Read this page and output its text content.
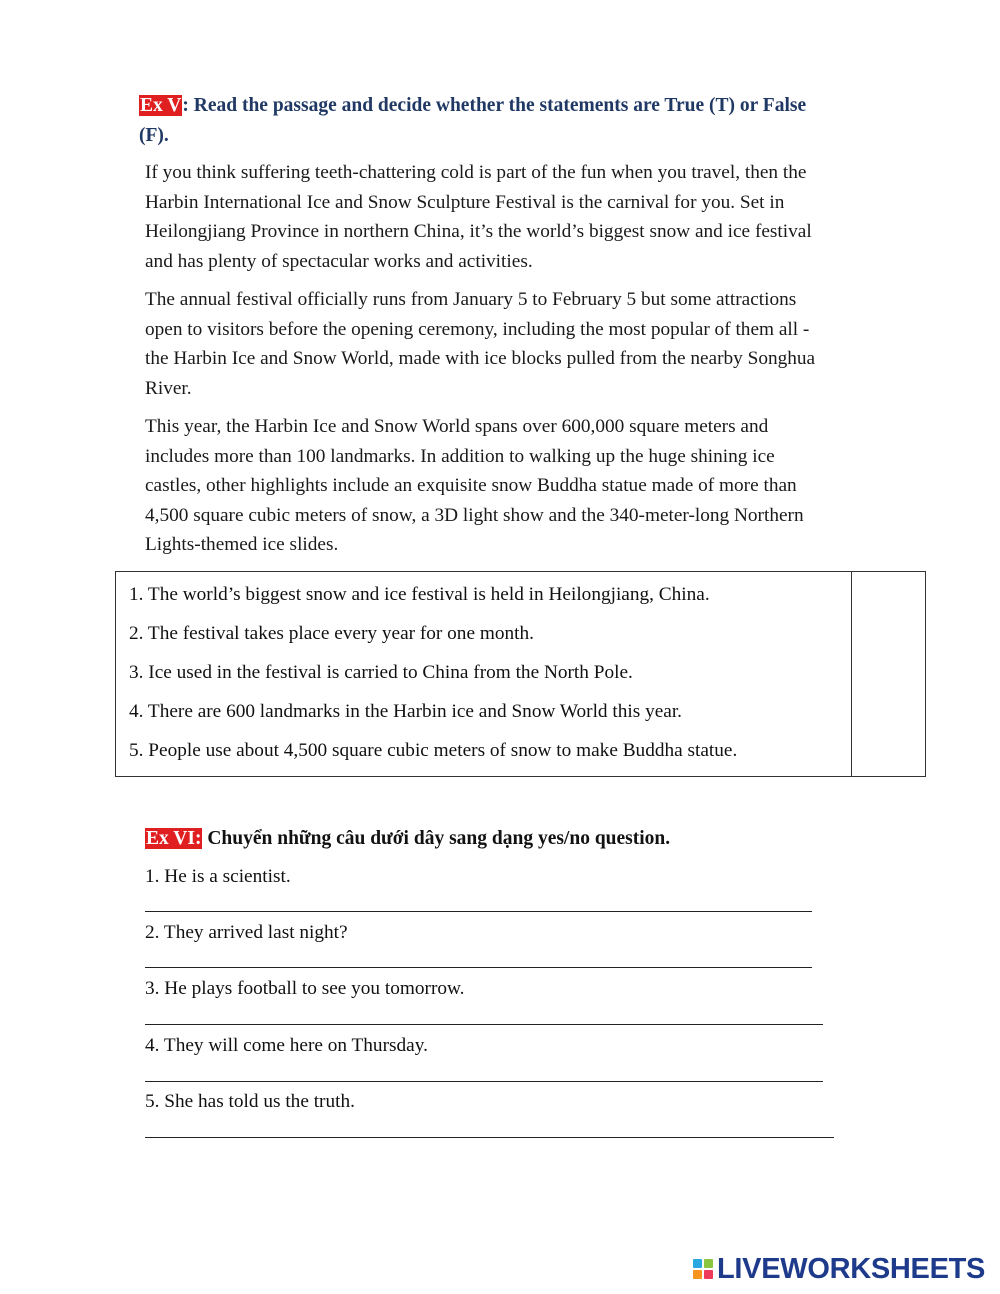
Ex V: Read the passage and decide whether the statements are True (T) or False
(F).
If you think suffering teeth-chattering cold is part of the fun when you travel, then the
Harbin International Ice and Snow Sculpture Festival is the carnival for you. Set in
Heilongjiang Province in northern China, it’s the world’s biggest snow and ice festival
and has plenty of spectacular works and activities.
The annual festival officially runs from January 5 to February 5 but some attractions
open to visitors before the opening ceremony, including the most popular of them all -
the Harbin Ice and Snow World, made with ice blocks pulled from the nearby Songhua
River.
This year, the Harbin Ice and Snow World spans over 600,000 square meters and
includes more than 100 landmarks. In addition to walking up the huge shining ice
castles, other highlights include an exquisite snow Buddha statue made of more than
4,500 square cubic meters of snow, a 3D light show and the 340-meter-long Northern
Lights-themed ice slides.
1. The world’s biggest snow and ice festival is held in Heilongjiang, China.
2. The festival takes place every year for one month.
3. Ice used in the festival is carried to China from the North Pole.
4. There are 600 landmarks in the Harbin ice and Snow World this year.
5. People use about 4,500 square cubic meters of snow to make Buddha statue.
Ex VI: Chuyển những câu dưới dây sang dạng yes/no question.
1. He is a scientist.
2. They arrived last night?
3. He plays football to see you tomorrow.
4. They will come here on Thursday.
5. She has told us the truth.
LIVEWORKSHEETS
